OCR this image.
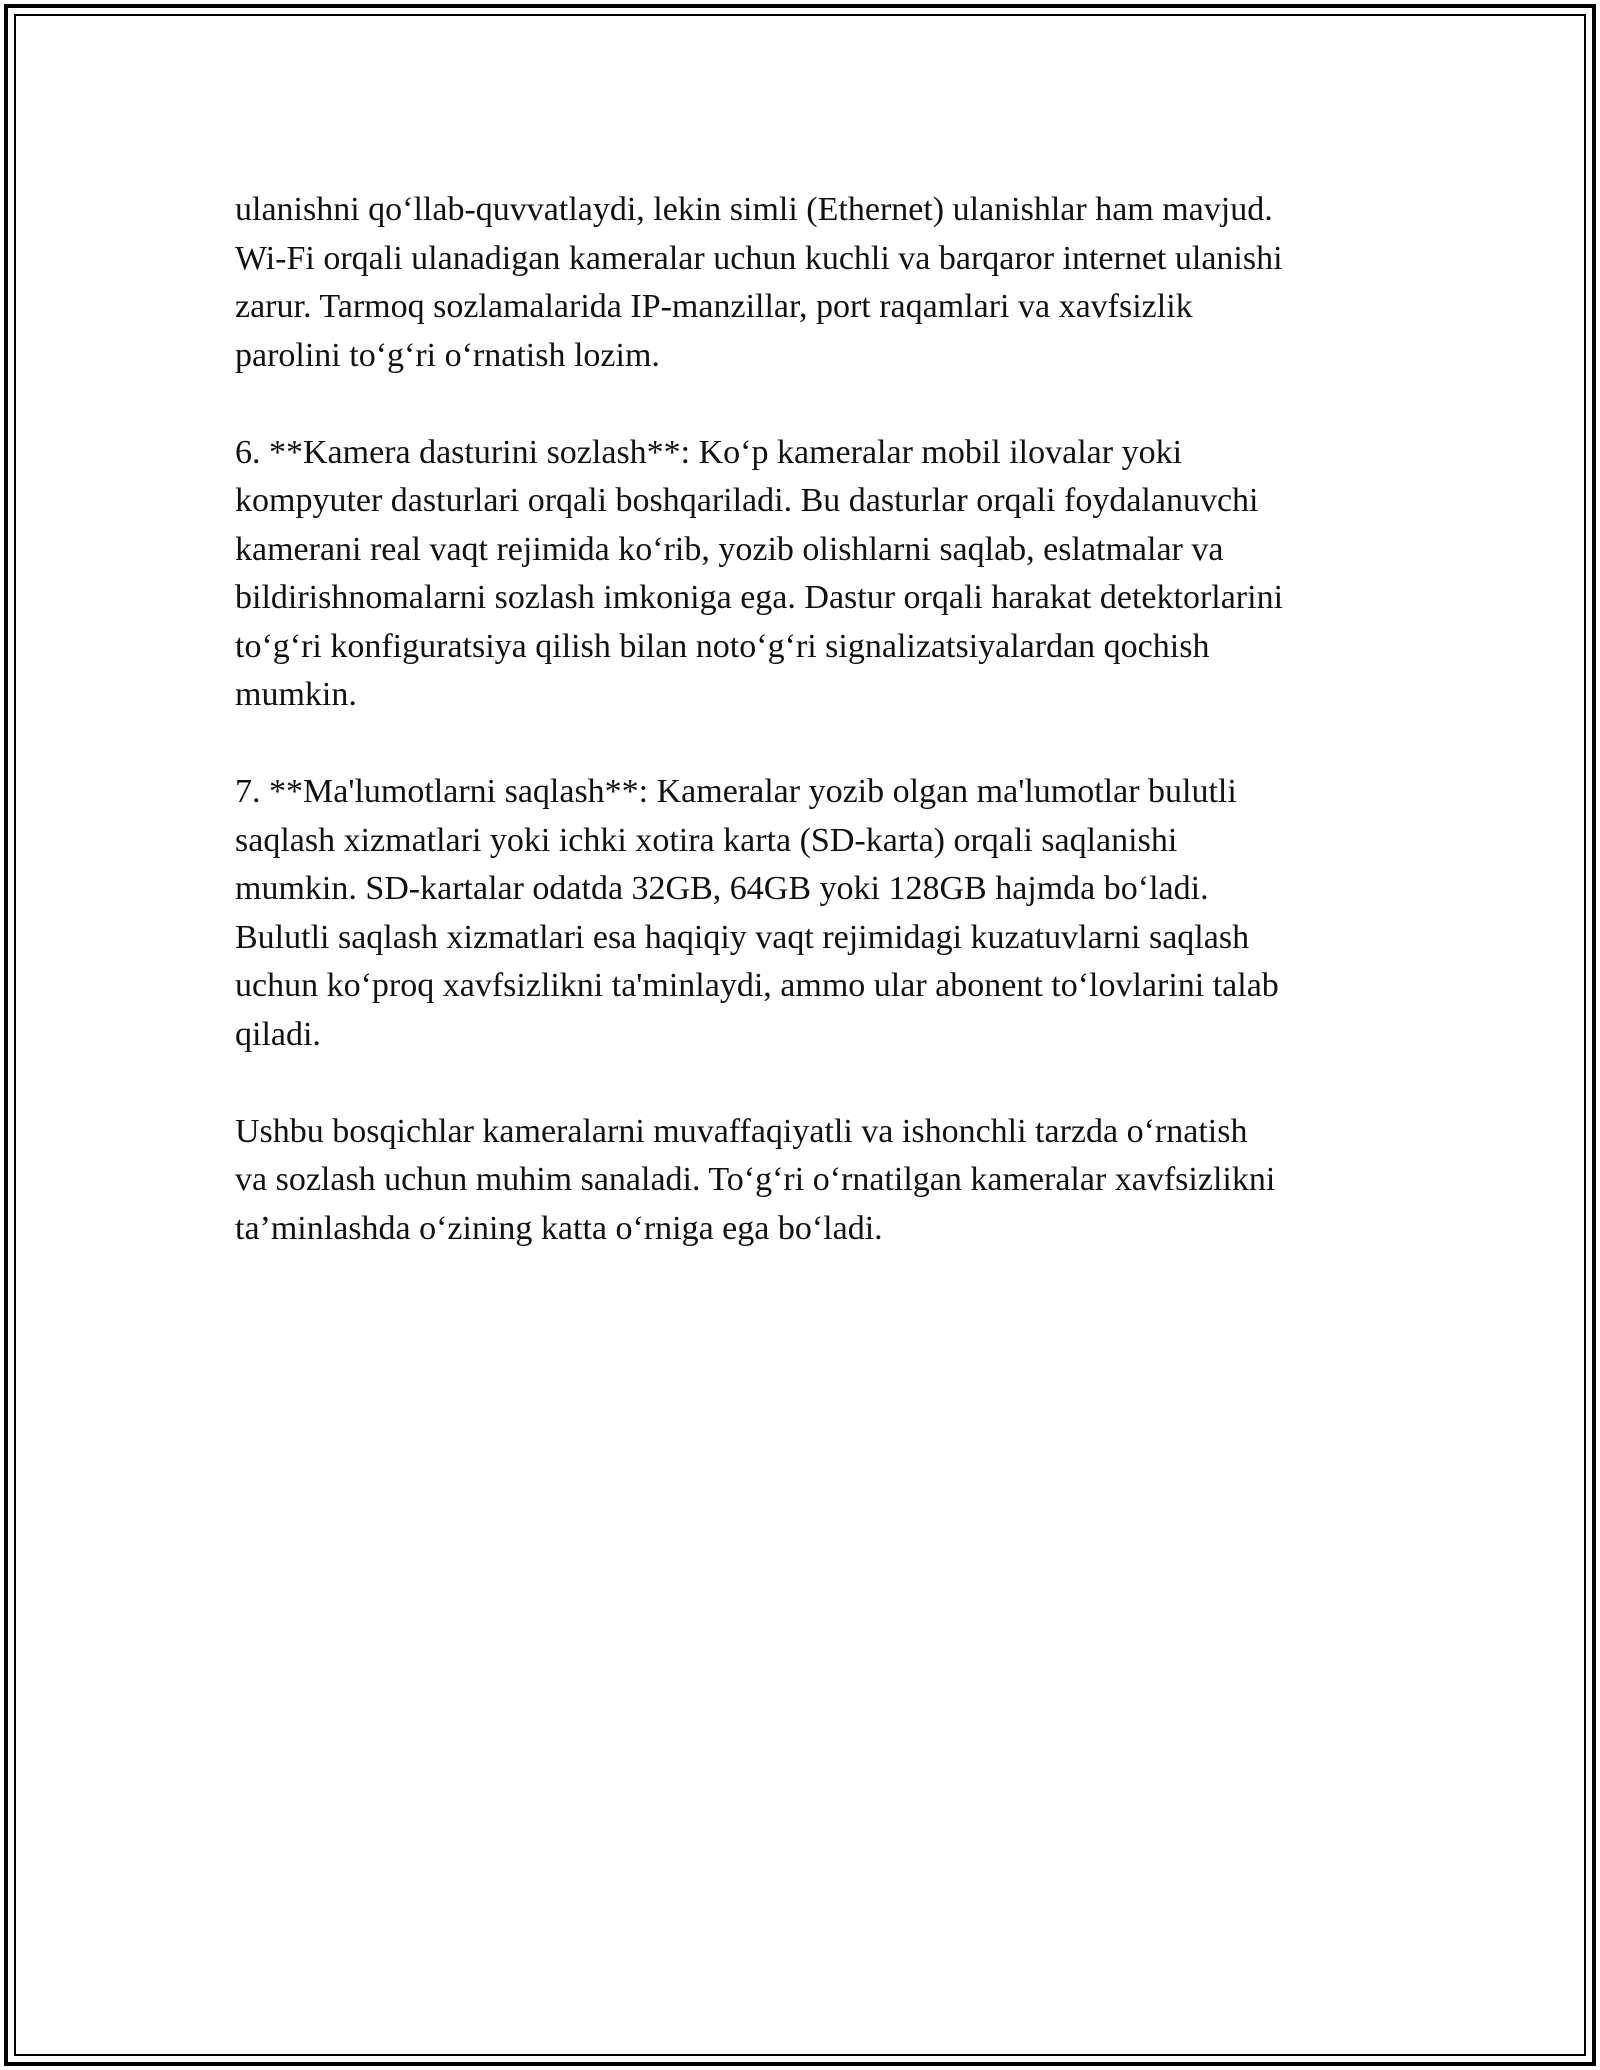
ulanishni qo‘llab-quvvatlaydi, lekin simli (Ethernet) ulanishlar ham mavjud.
Wi-Fi orqali ulanadigan kameralar uchun kuchli va barqaror internet ulanishi
zarur. Tarmoq sozlamalarida IP-manzillar, port raqamlari va xavfsizlik
parolini to‘g‘ri o‘rnatish lozim.

6. **Kamera dasturini sozlash**: Ko‘p kameralar mobil ilovalar yoki
kompyuter dasturlari orqali boshqariladi. Bu dasturlar orqali foydalanuvchi
kamerani real vaqt rejimida ko‘rib, yozib olishlarni saqlab, eslatmalar va
bildirishnomalarni sozlash imkoniga ega. Dastur orqali harakat detektorlarini
to‘g‘ri konfiguratsiya qilish bilan noto‘g‘ri signalizatsiyalardan qochish
mumkin.

7. **Ma'lumotlarni saqlash**: Kameralar yozib olgan ma'lumotlar bulutli
saqlash xizmatlari yoki ichki xotira karta (SD-karta) orqali saqlanishi
mumkin. SD-kartalar odatda 32GB, 64GB yoki 128GB hajmda bo‘ladi.
Bulutli saqlash xizmatlari esa haqiqiy vaqt rejimidagi kuzatuvlarni saqlash
uchun ko‘proq xavfsizlikni ta'minlaydi, ammo ular abonent to‘lovlarini talab
qiladi.

Ushbu bosqichlar kameralarni muvaffaqiyatli va ishonchli tarzda o‘rnatish
va sozlash uchun muhim sanaladi. To‘g‘ri o‘rnatilgan kameralar xavfsizlikni
ta’minlashda o‘zining katta o‘rniga ega bo‘ladi.
